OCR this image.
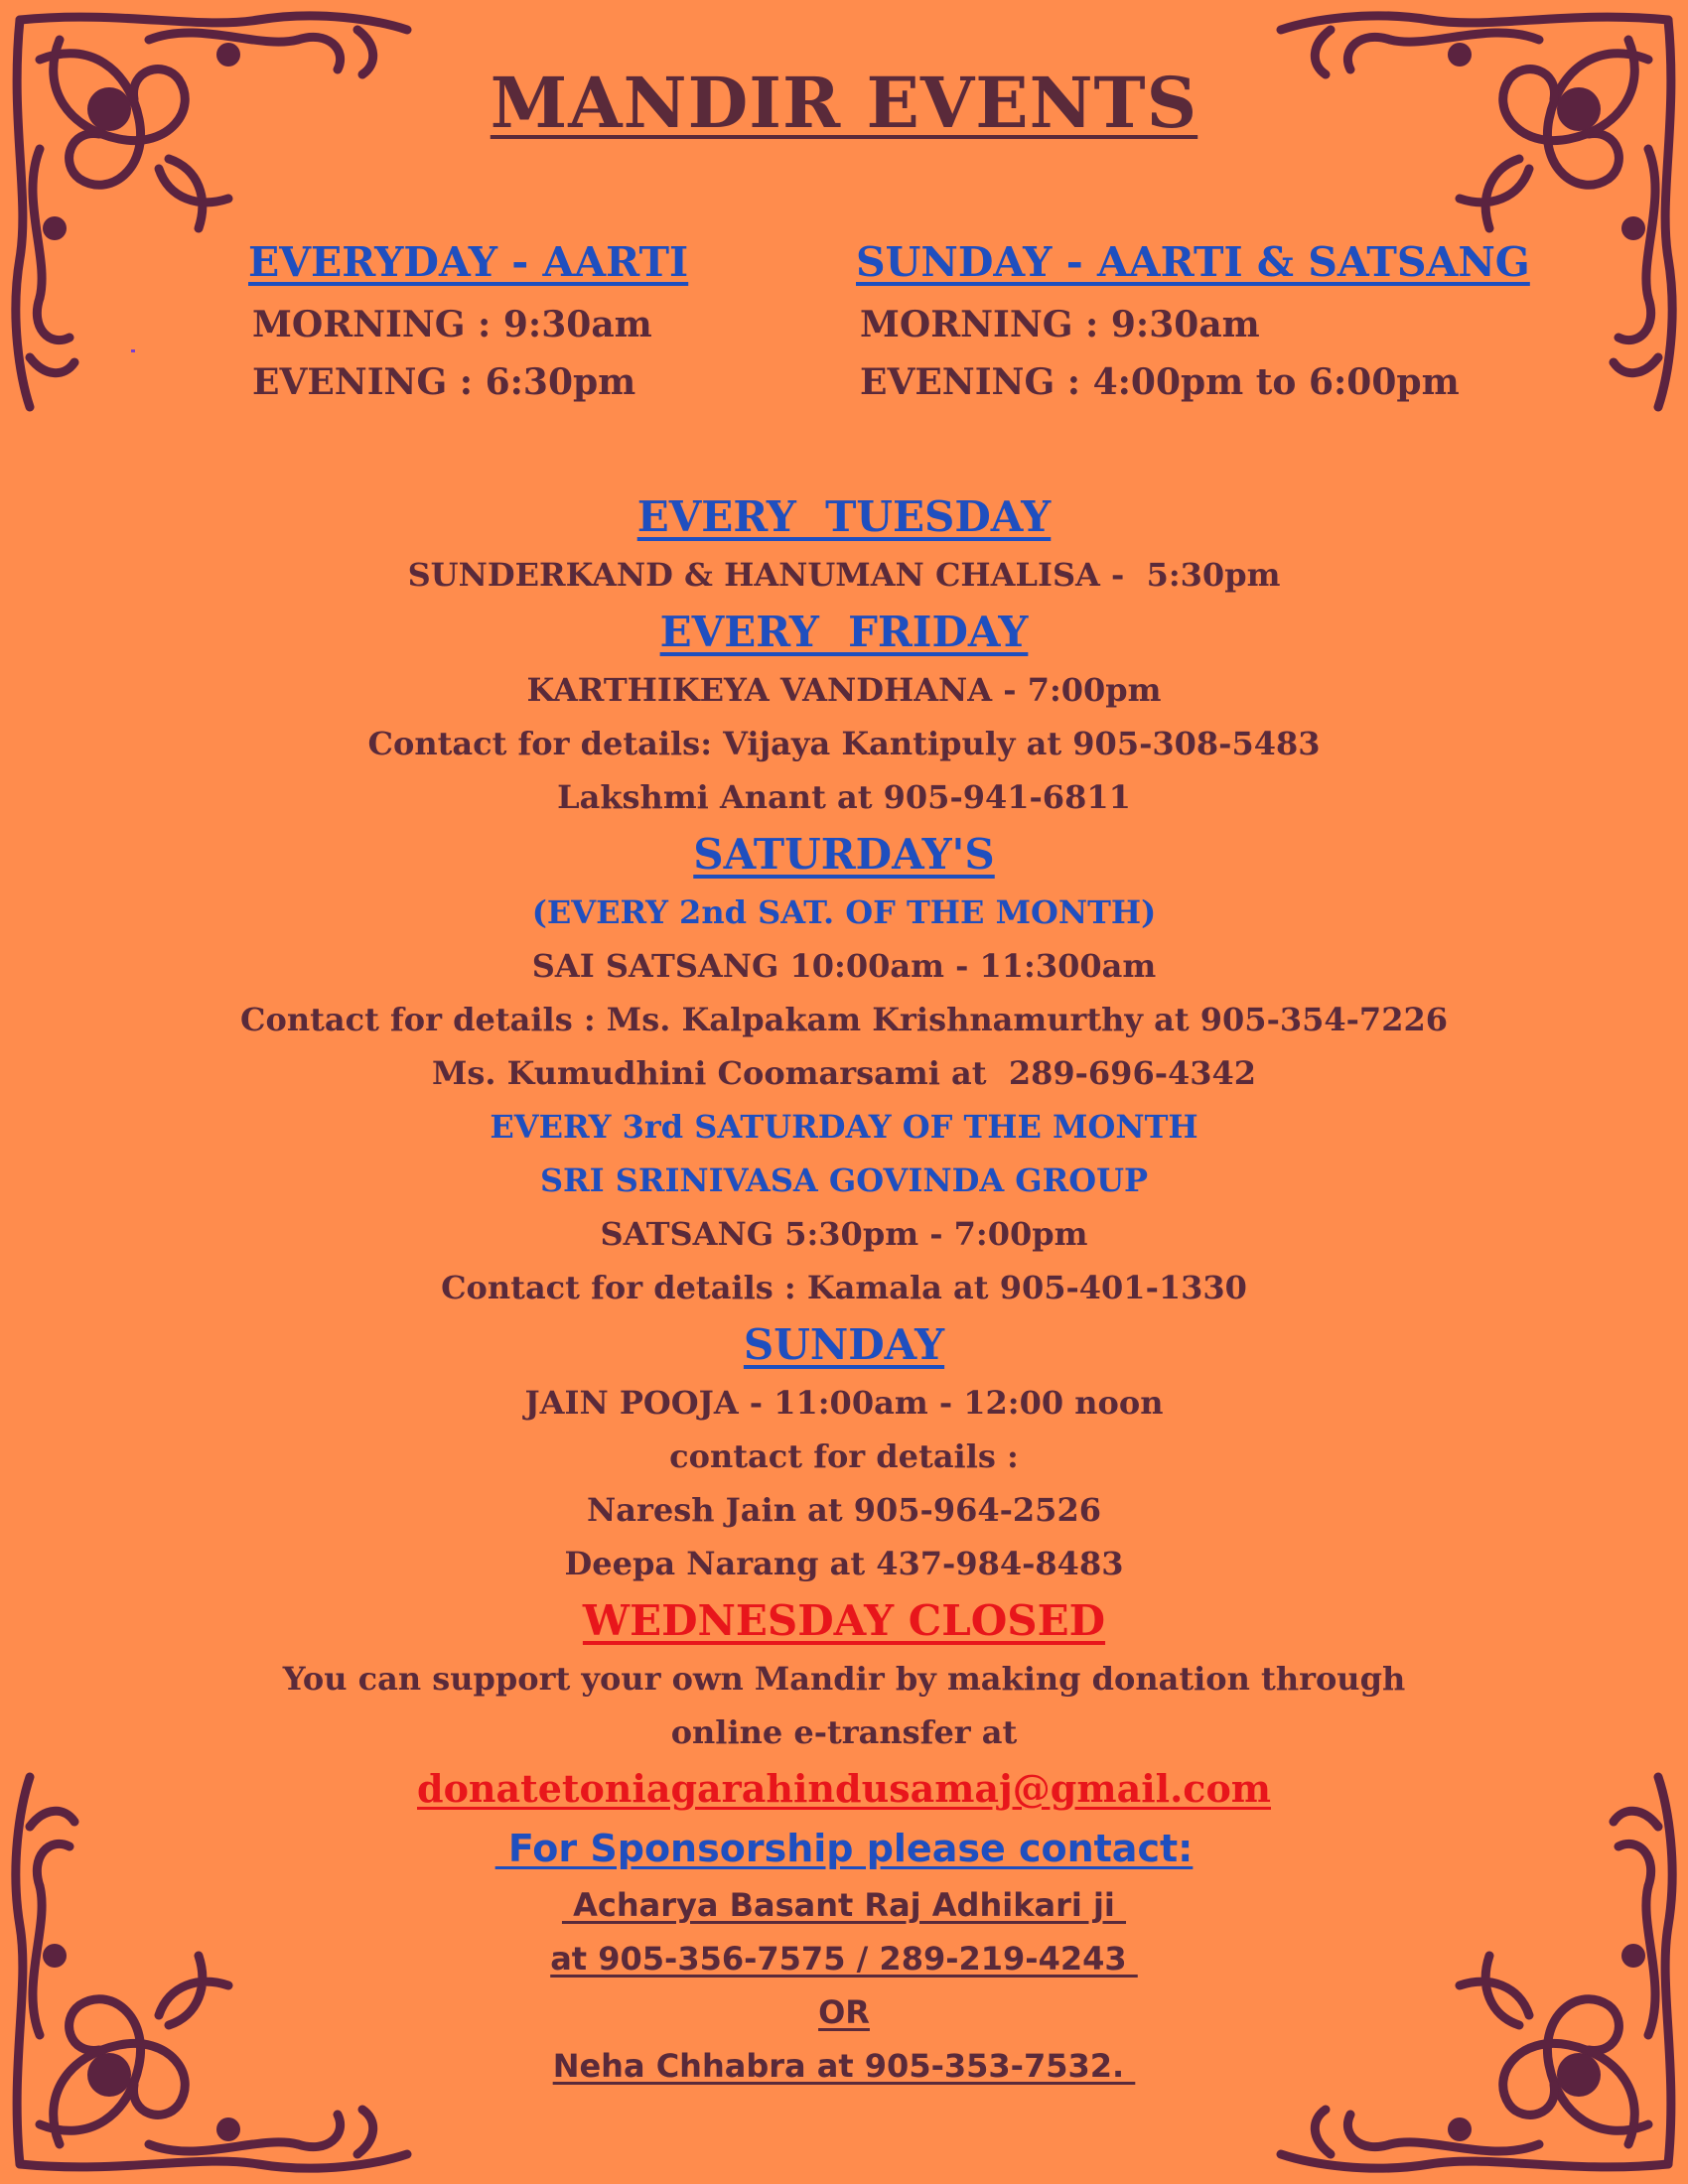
MANDIR EVENTS
EVERYDAY - AARTI
MORNING : 9:30am
EVENING : 6:30pm
SUNDAY - AARTI & SATSANG
MORNING : 9:30am
EVENING : 4:00pm to 6:00pm
EVERY  TUESDAY
SUNDERKAND & HANUMAN CHALISA -  5:30pm
EVERY  FRIDAY
KARTHIKEYA VANDHANA - 7:00pm
Contact for details: Vijaya Kantipuly at 905-308-5483
Lakshmi Anant at 905-941-6811
SATURDAY'S
(EVERY 2nd SAT. OF THE MONTH)
SAI SATSANG 10:00am - 11:300am
Contact for details : Ms. Kalpakam Krishnamurthy at 905-354-7226
Ms. Kumudhini Coomarsami at  289-696-4342
EVERY 3rd SATURDAY OF THE MONTH
SRI SRINIVASA GOVINDA GROUP
SATSANG 5:30pm - 7:00pm
Contact for details : Kamala at 905-401-1330
SUNDAY
JAIN POOJA - 11:00am - 12:00 noon
contact for details :
Naresh Jain at 905-964-2526
Deepa Narang at 437-984-8483
WEDNESDAY CLOSED
You can support your own Mandir by making donation through
online e-transfer at
donatetoniagarahindusamaj@gmail.com
For Sponsorship please contact:
Acharya Basant Raj Adhikari ji
at 905-356-7575 / 289-219-4243
OR
Neha Chhabra at 905-353-7532.
